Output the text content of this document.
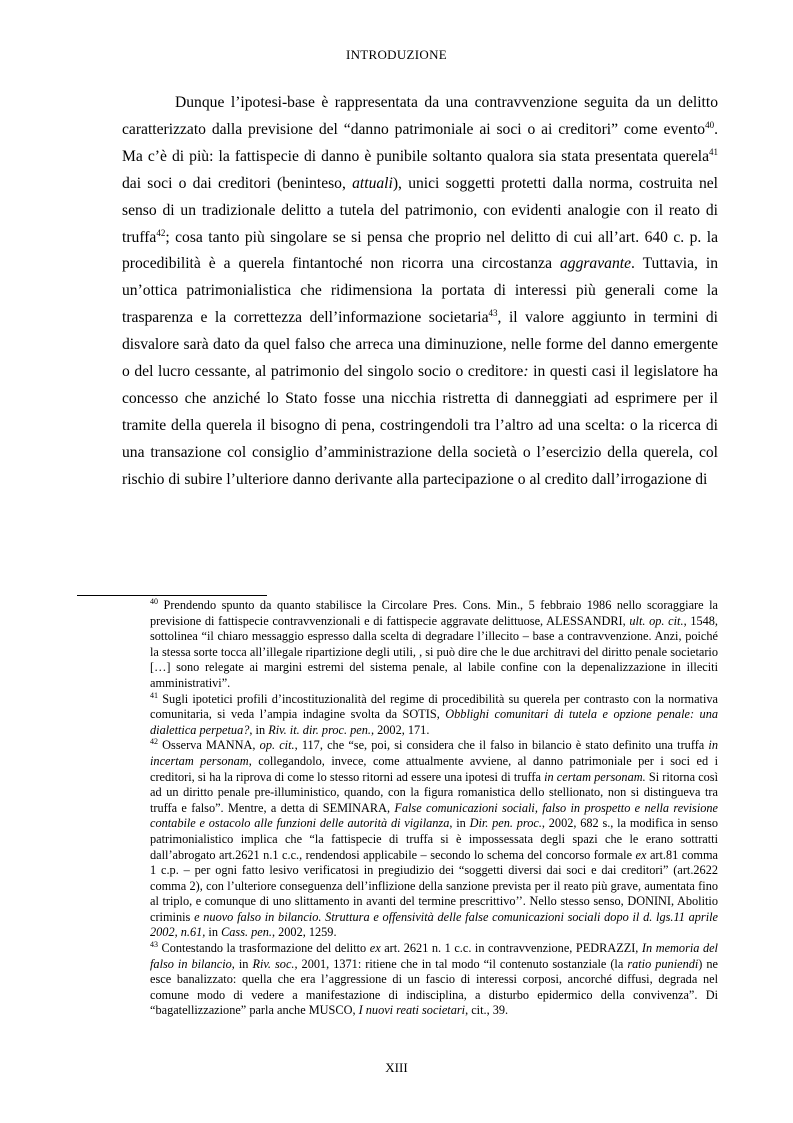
INTRODUZIONE

Dunque l’ipotesi-base è rappresentata da una contravvenzione seguita da un delitto caratterizzato dalla previsione del “danno patrimoniale ai soci o ai creditori” come evento$^{40}$. Ma c’è di più: la fattispecie di danno è punibile soltanto qualora sia stata presentata querela$^{41}$ dai soci o dai creditori (beninteso, attuali), unici soggetti protetti dalla norma, costruita nel senso di un tradizionale delitto a tutela del patrimonio, con evidenti analogie con il reato di truffa$^{42}$; cosa tanto più singolare se si pensa che proprio nel delitto di cui all’art. 640 c. p. la procedibilità è a querela fintantoché non ricorra una circostanza aggravante. Tuttavia, in un’ottica patrimonialistica che ridimensiona la portata di interessi più generali come la trasparenza e la correttezza dell’informazione societaria$^{43}$, il valore aggiunto in termini di disvalore sarà dato da quel falso che arreca una diminuzione, nelle forme del danno emergente o del lucro cessante, al patrimonio del singolo socio o creditore: in questi casi il legislatore ha concesso che anziché lo Stato fosse una nicchia ristretta di danneggiati ad esprimere per il tramite della querela il bisogno di pena, costringendoli tra l’altro ad una scelta: o la ricerca di una transazione col consiglio d’amministrazione della società o l’esercizio della querela, col rischio di subire l’ulteriore danno derivante alla partecipazione o al credito dall’irrogazione di

$^{40}$ Prendendo spunto da quanto stabilisce la Circolare Pres. Cons. Min., 5 febbraio 1986 nello scoraggiare la previsione di fattispecie contravvenzionali e di fattispecie aggravate delittuose, ALESSANDRI, ult. op. cit., 1548, sottolinea “il chiaro messaggio espresso dalla scelta di degradare l’illecito – base a contravvenzione. Anzi, poiché la stessa sorte tocca all’illegale ripartizione degli utili, , si può dire che le due architravi del diritto penale societario […] sono relegate ai margini estremi del sistema penale, al labile confine con la depenalizzazione in illeciti amministrativi”.

$^{41}$ Sugli ipotetici profili d’incostituzionalità del regime di procedibilità su querela per contrasto con la normativa comunitaria, si veda l’ampia indagine svolta da SOTIS, Obblighi comunitari di tutela e opzione penale: una dialettica perpetua?, in Riv. it. dir. proc. pen., 2002, 171.

$^{42}$ Osserva MANNA, op. cit., 117, che “se, poi, si considera che il falso in bilancio è stato definito una truffa in incertam personam, collegandolo, invece, come attualmente avviene, al danno patrimoniale per i soci ed i creditori, si ha la riprova di come lo stesso ritorni ad essere una ipotesi di truffa in certam personam. Si ritorna così ad un diritto penale pre-illuministico, quando, con la figura romanistica dello stellionato, non si distingueva tra truffa e falso”. Mentre, a detta di SEMINARA, False comunicazioni sociali, falso in prospetto e nella revisione contabile e ostacolo alle funzioni delle autorità di vigilanza, in Dir. pen. proc., 2002, 682 s., la modifica in senso patrimonialistico implica che “la fattispecie di truffa si è impossessata degli spazi che le erano sottratti dall’abrogato art.2621 n.1 c.c., rendendosi applicabile – secondo lo schema del concorso formale ex art.81 comma 1 c.p. – per ogni fatto lesivo verificatosi in pregiudizio dei “soggetti diversi dai soci e dai creditori” (art.2622 comma 2), con l’ulteriore conseguenza dell’inflizione della sanzione prevista per il reato più grave, aumentata fino al triplo, e comunque di uno slittamento in avanti del termine prescrittivo’’. Nello stesso senso, DONINI, Abolitio criminis e nuovo falso in bilancio. Struttura e offensività delle false comunicazioni sociali dopo il d. lgs.11 aprile 2002, n.61, in Cass. pen., 2002, 1259.

$^{43}$ Contestando la trasformazione del delitto ex art. 2621 n. 1 c.c. in contravvenzione, PEDRAZZI, In memoria del falso in bilancio, in Riv. soc., 2001, 1371: ritiene che in tal modo “il contenuto sostanziale (la ratio puniendi) ne esce banalizzato: quella che era l’aggressione di un fascio di interessi corposi, ancorché diffusi, degrada nel comune modo di vedere a manifestazione di indisciplina, a disturbo epidermico della convivenza”. Di “bagatellizzazione” parla anche MUSCO, I nuovi reati societari, cit., 39.

XIII
